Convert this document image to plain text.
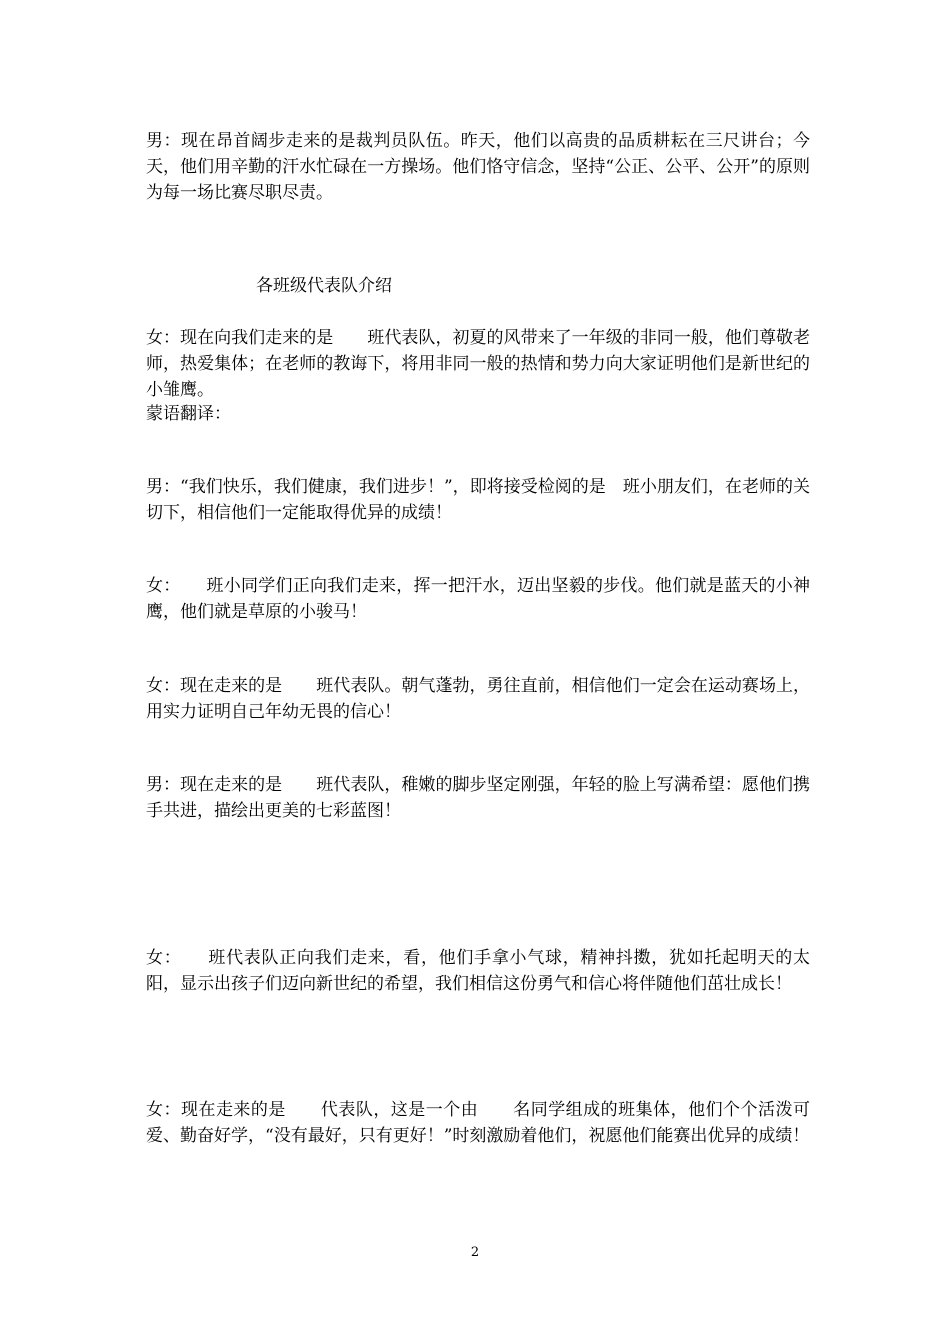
男：现在昂首阔步走来的是裁判员队伍。昨天，他们以高贵的品质耕耘在三尺讲台；今天，他们用辛勤的汗水忙碌在一方操场。他们恪守信念，坚持“公正、公平、公开”的原则为每一场比赛尽职尽责。

各班级代表队介绍

女：现在向我们走来的是　　班代表队，初夏的风带来了一年级的非同一般，他们尊敬老师，热爱集体；在老师的教诲下，将用非同一般的热情和势力向大家证明他们是新世纪的小雏鹰。

蒙语翻译：

男：“我们快乐，我们健康，我们进步！”，即将接受检阅的是　班小朋友们，在老师的关切下，相信他们一定能取得优异的成绩！

女：　　班小同学们正向我们走来，挥一把汗水，迈出坚毅的步伐。他们就是蓝天的小神鹰，他们就是草原的小骏马！

女：现在走来的是　　班代表队。朝气蓬勃，勇往直前，相信他们一定会在运动赛场上，用实力证明自己年幼无畏的信心！

男：现在走来的是　　班代表队，稚嫩的脚步坚定刚强，年轻的脸上写满希望：愿他们携手共进，描绘出更美的七彩蓝图！

女：　　班代表队正向我们走来，看，他们手拿小气球，精神抖擞，犹如托起明天的太阳，显示出孩子们迈向新世纪的希望，我们相信这份勇气和信心将伴随他们茁壮成长！

女：现在走来的是　　代表队，这是一个由　　名同学组成的班集体，他们个个活泼可爱、勤奋好学，“没有最好，只有更好！”时刻激励着他们，祝愿他们能赛出优异的成绩！

2
